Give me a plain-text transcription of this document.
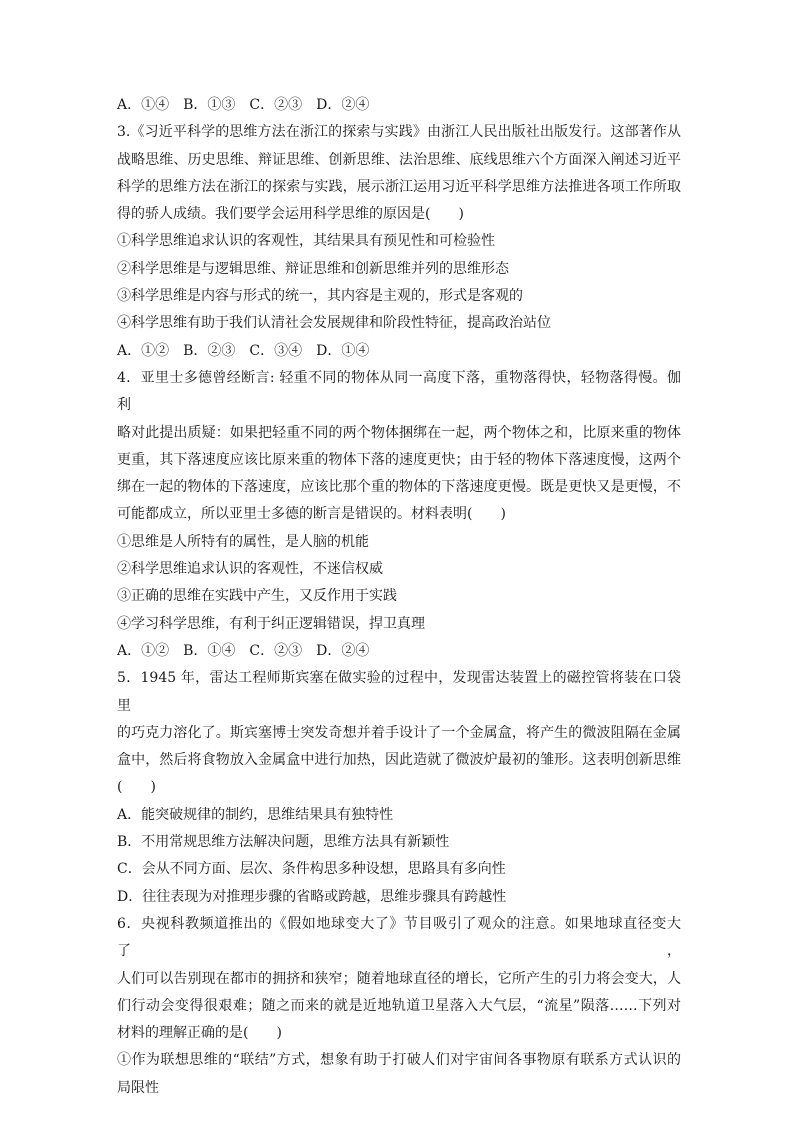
A．①④　B．①③　C．②③　D．②④
3.《习近平科学的思维方法在浙江的探索与实践》由浙江人民出版社出版发行。这部著作从
战略思维、历史思维、辩证思维、创新思维、法治思维、底线思维六个方面深入阐述习近平
科学的思维方法在浙江的探索与实践，展示浙江运用习近平科学思维方法推进各项工作所取
得的骄人成绩。我们要学会运用科学思维的原因是(　　)
①科学思维追求认识的客观性，其结果具有预见性和可检验性
②科学思维是与逻辑思维、辩证思维和创新思维并列的思维形态
③科学思维是内容与形式的统一，其内容是主观的，形式是客观的
④科学思维有助于我们认清社会发展规律和阶段性特征，提高政治站位
A．①②　B．②③　C．③④　D．①④
4．亚里士多德曾经断言: 轻重不同的物体从同一高度下落，重物落得快，轻物落得慢。伽利
略对此提出质疑：如果把轻重不同的两个物体捆绑在一起，两个物体之和，比原来重的物体
更重，其下落速度应该比原来重的物体下落的速度更快；由于轻的物体下落速度慢，这两个
绑在一起的物体的下落速度，应该比那个重的物体的下落速度更慢。既是更快又是更慢，不
可能都成立，所以亚里士多德的断言是错误的。材料表明(　　)
①思维是人所特有的属性，是人脑的机能
②科学思维追求认识的客观性，不迷信权威
③正确的思维在实践中产生，又反作用于实践
④学习科学思维，有利于纠正逻辑错误，捍卫真理
A．①②　B．①④　C．②③　D．②④
5．1945 年，雷达工程师斯宾塞在做实验的过程中，发现雷达装置上的磁控管将装在口袋里
的巧克力溶化了。斯宾塞博士突发奇想并着手设计了一个金属盒，将产生的微波阻隔在金属
盒中，然后将食物放入金属盒中进行加热，因此造就了微波炉最初的雏形。这表明创新思维
(　　)
A．能突破规律的制约，思维结果具有独特性
B．不用常规思维方法解决问题，思维方法具有新颖性
C．会从不同方面、层次、条件构思多种设想，思路具有多向性
D．往往表现为对推理步骤的省略或跨越，思维步骤具有跨越性
6．央视科教频道推出的《假如地球变大了》节目吸引了观众的注意。如果地球直径变大了，
人们可以告别现在都市的拥挤和狭窄；随着地球直径的增长，它所产生的引力将会变大，人
们行动会变得很艰难；随之而来的就是近地轨道卫星落入大气层，“流星”陨落……下列对
材料的理解正确的是(　　)
①作为联想思维的“联结”方式，想象有助于打破人们对宇宙间各事物原有联系方式认识的
局限性
